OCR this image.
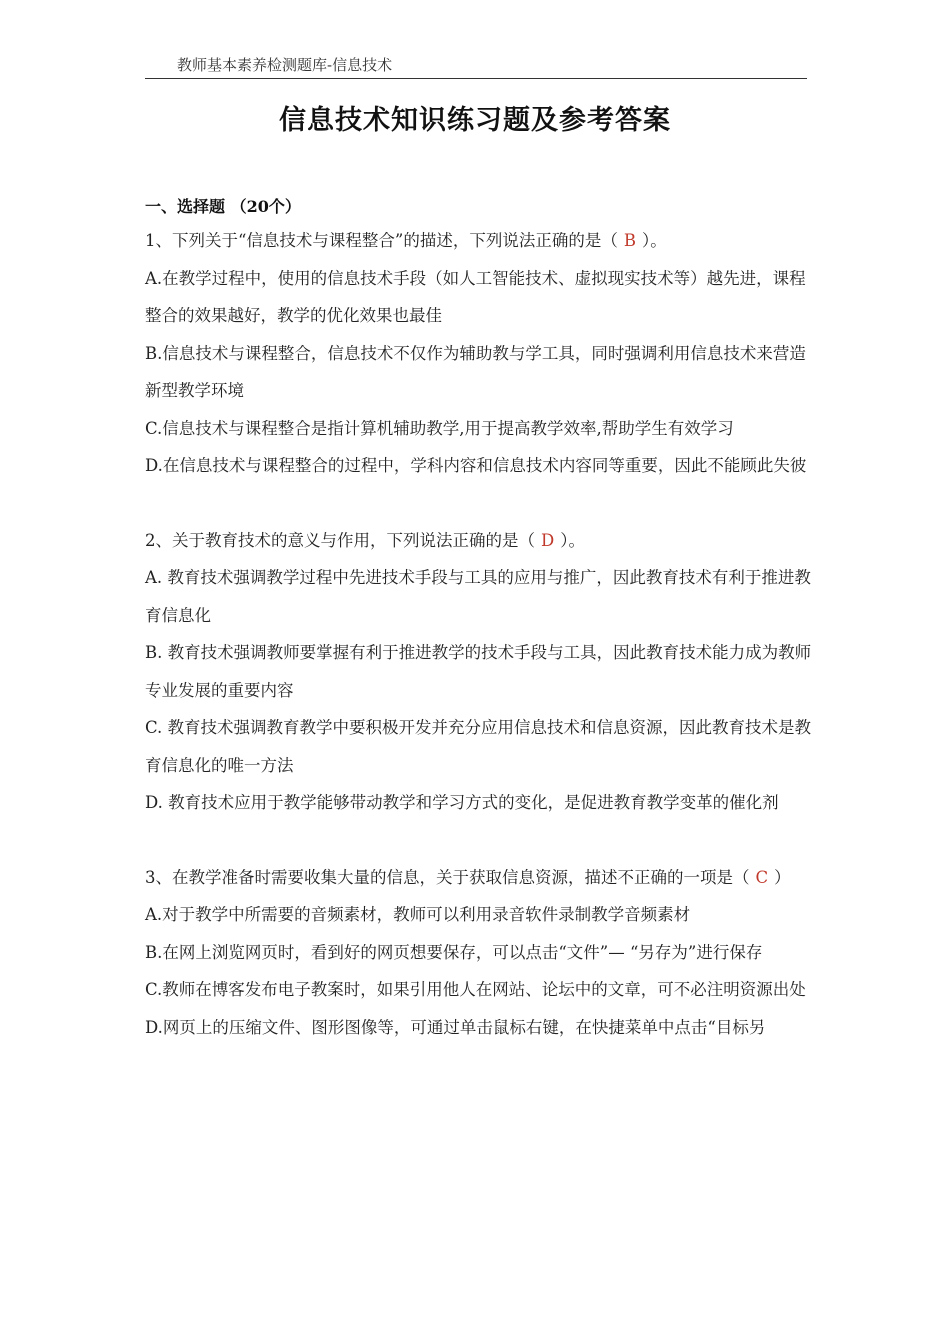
教师基本素养检测题库-信息技术
信息技术知识练习题及参考答案
一、选择题 （20个）

1、下列关于“信息技术与课程整合”的描述，下列说法正确的是（ B ）。

A.在教学过程中，使用的信息技术手段（如人工智能技术、虚拟现实技术等）越先进，课程整合的效果越好，教学的优化效果也最佳

B.信息技术与课程整合，信息技术不仅作为辅助教与学工具，同时强调利用信息技术来营造新型教学环境

C.信息技术与课程整合是指计算机辅助教学,用于提高教学效率,帮助学生有效学习

D.在信息技术与课程整合的过程中，学科内容和信息技术内容同等重要，因此不能顾此失彼

2、关于教育技术的意义与作用，下列说法正确的是（ D ）。

A. 教育技术强调教学过程中先进技术手段与工具的应用与推广，因此教育技术有利于推进教育信息化

B. 教育技术强调教师要掌握有利于推进教学的技术手段与工具，因此教育技术能力成为教师专业发展的重要内容

C. 教育技术强调教育教学中要积极开发并充分应用信息技术和信息资源，因此教育技术是教育信息化的唯一方法

D. 教育技术应用于教学能够带动教学和学习方式的变化，是促进教育教学变革的催化剂

3、在教学准备时需要收集大量的信息，关于获取信息资源，描述不正确的一项是（ C ）

A.对于教学中所需要的音频素材，教师可以利用录音软件录制教学音频素材

B.在网上浏览网页时，看到好的网页想要保存，可以点击“文件”— “另存为”进行保存

C.教师在博客发布电子教案时，如果引用他人在网站、论坛中的文章，可不必注明资源出处

D.网页上的压缩文件、图形图像等，可通过单击鼠标右键，在快捷菜单中点击“目标另
